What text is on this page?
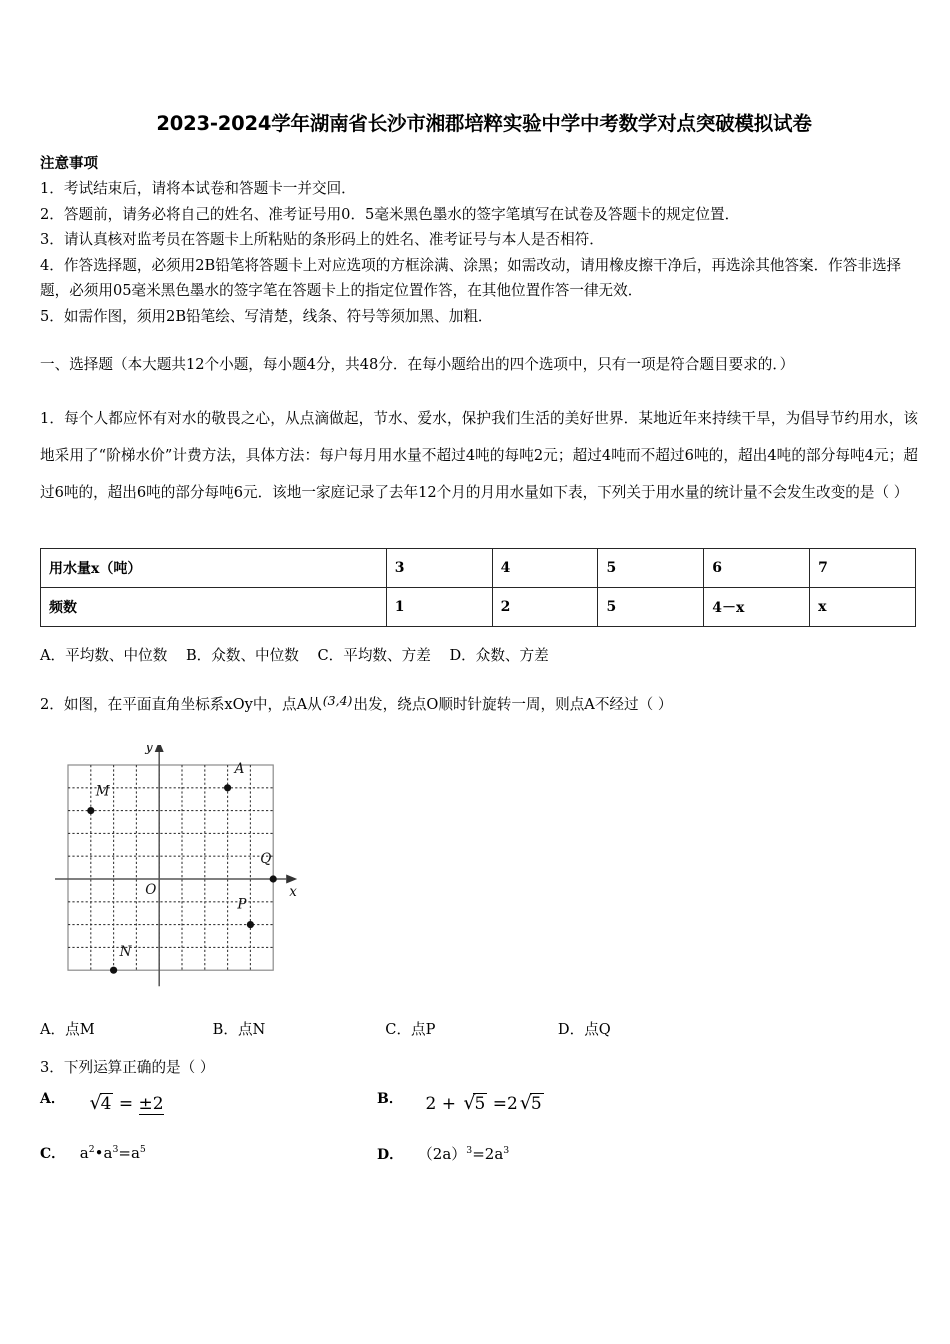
2023-2024学年湖南省长沙市湘郡培粹实验中学中考数学对点突破模拟试卷
注意事项

1．考试结束后，请将本试卷和答题卡一并交回．

2．答题前，请务必将自己的姓名、准考证号用0．5毫米黑色墨水的签字笔填写在试卷及答题卡的规定位置．

3．请认真核对监考员在答题卡上所粘贴的条形码上的姓名、准考证号与本人是否相符．

4．作答选择题，必须用2B铅笔将答题卡上对应选项的方框涂满、涂黑；如需改动，请用橡皮擦干净后，再选涂其他答案．作答非选择题，必须用05毫米黑色墨水的签字笔在答题卡上的指定位置作答，在其他位置作答一律无效．

5．如需作图，须用2B铅笔绘、写清楚，线条、符号等须加黑、加粗．

一、选择题（本大题共12个小题，每小题4分，共48分．在每小题给出的四个选项中，只有一项是符合题目要求的．）
1．每个人都应怀有对水的敬畏之心，从点滴做起，节水、爱水，保护我们生活的美好世界．某地近年来持续干旱，为倡导节约用水，该地采用了“阶梯水价”计费方法，具体方法：每户每月用水量不超过4吨的每吨2元；超过4吨而不超过6吨的，超出4吨的部分每吨4元；超过6吨的，超出6吨的部分每吨6元．该地一家庭记录了去年12个月的月用水量如下表，下列关于用水量的统计量不会发生改变的是（ ）
用水量x（吨）	3	4	5	6	7
频数	1	2	5	4－x	x
A．平均数、中位数 B．众数、中位数 C．平均数、方差 D．众数、方差
2．如图，在平面直角坐标系xOy中，点A从(3,4)出发，绕点O顺时针旋转一周，则点A不经过（ ）
y
x
O
A
M
Q
P
N
A．点M	B．点N	C．点P	D．点Q
3．下列运算正确的是（ ）
A． √4 = ±2	B． 2 + √5 =2 √5
C． $a^2•a^3=a^5$	D． $(2a)^3=2a^3$
